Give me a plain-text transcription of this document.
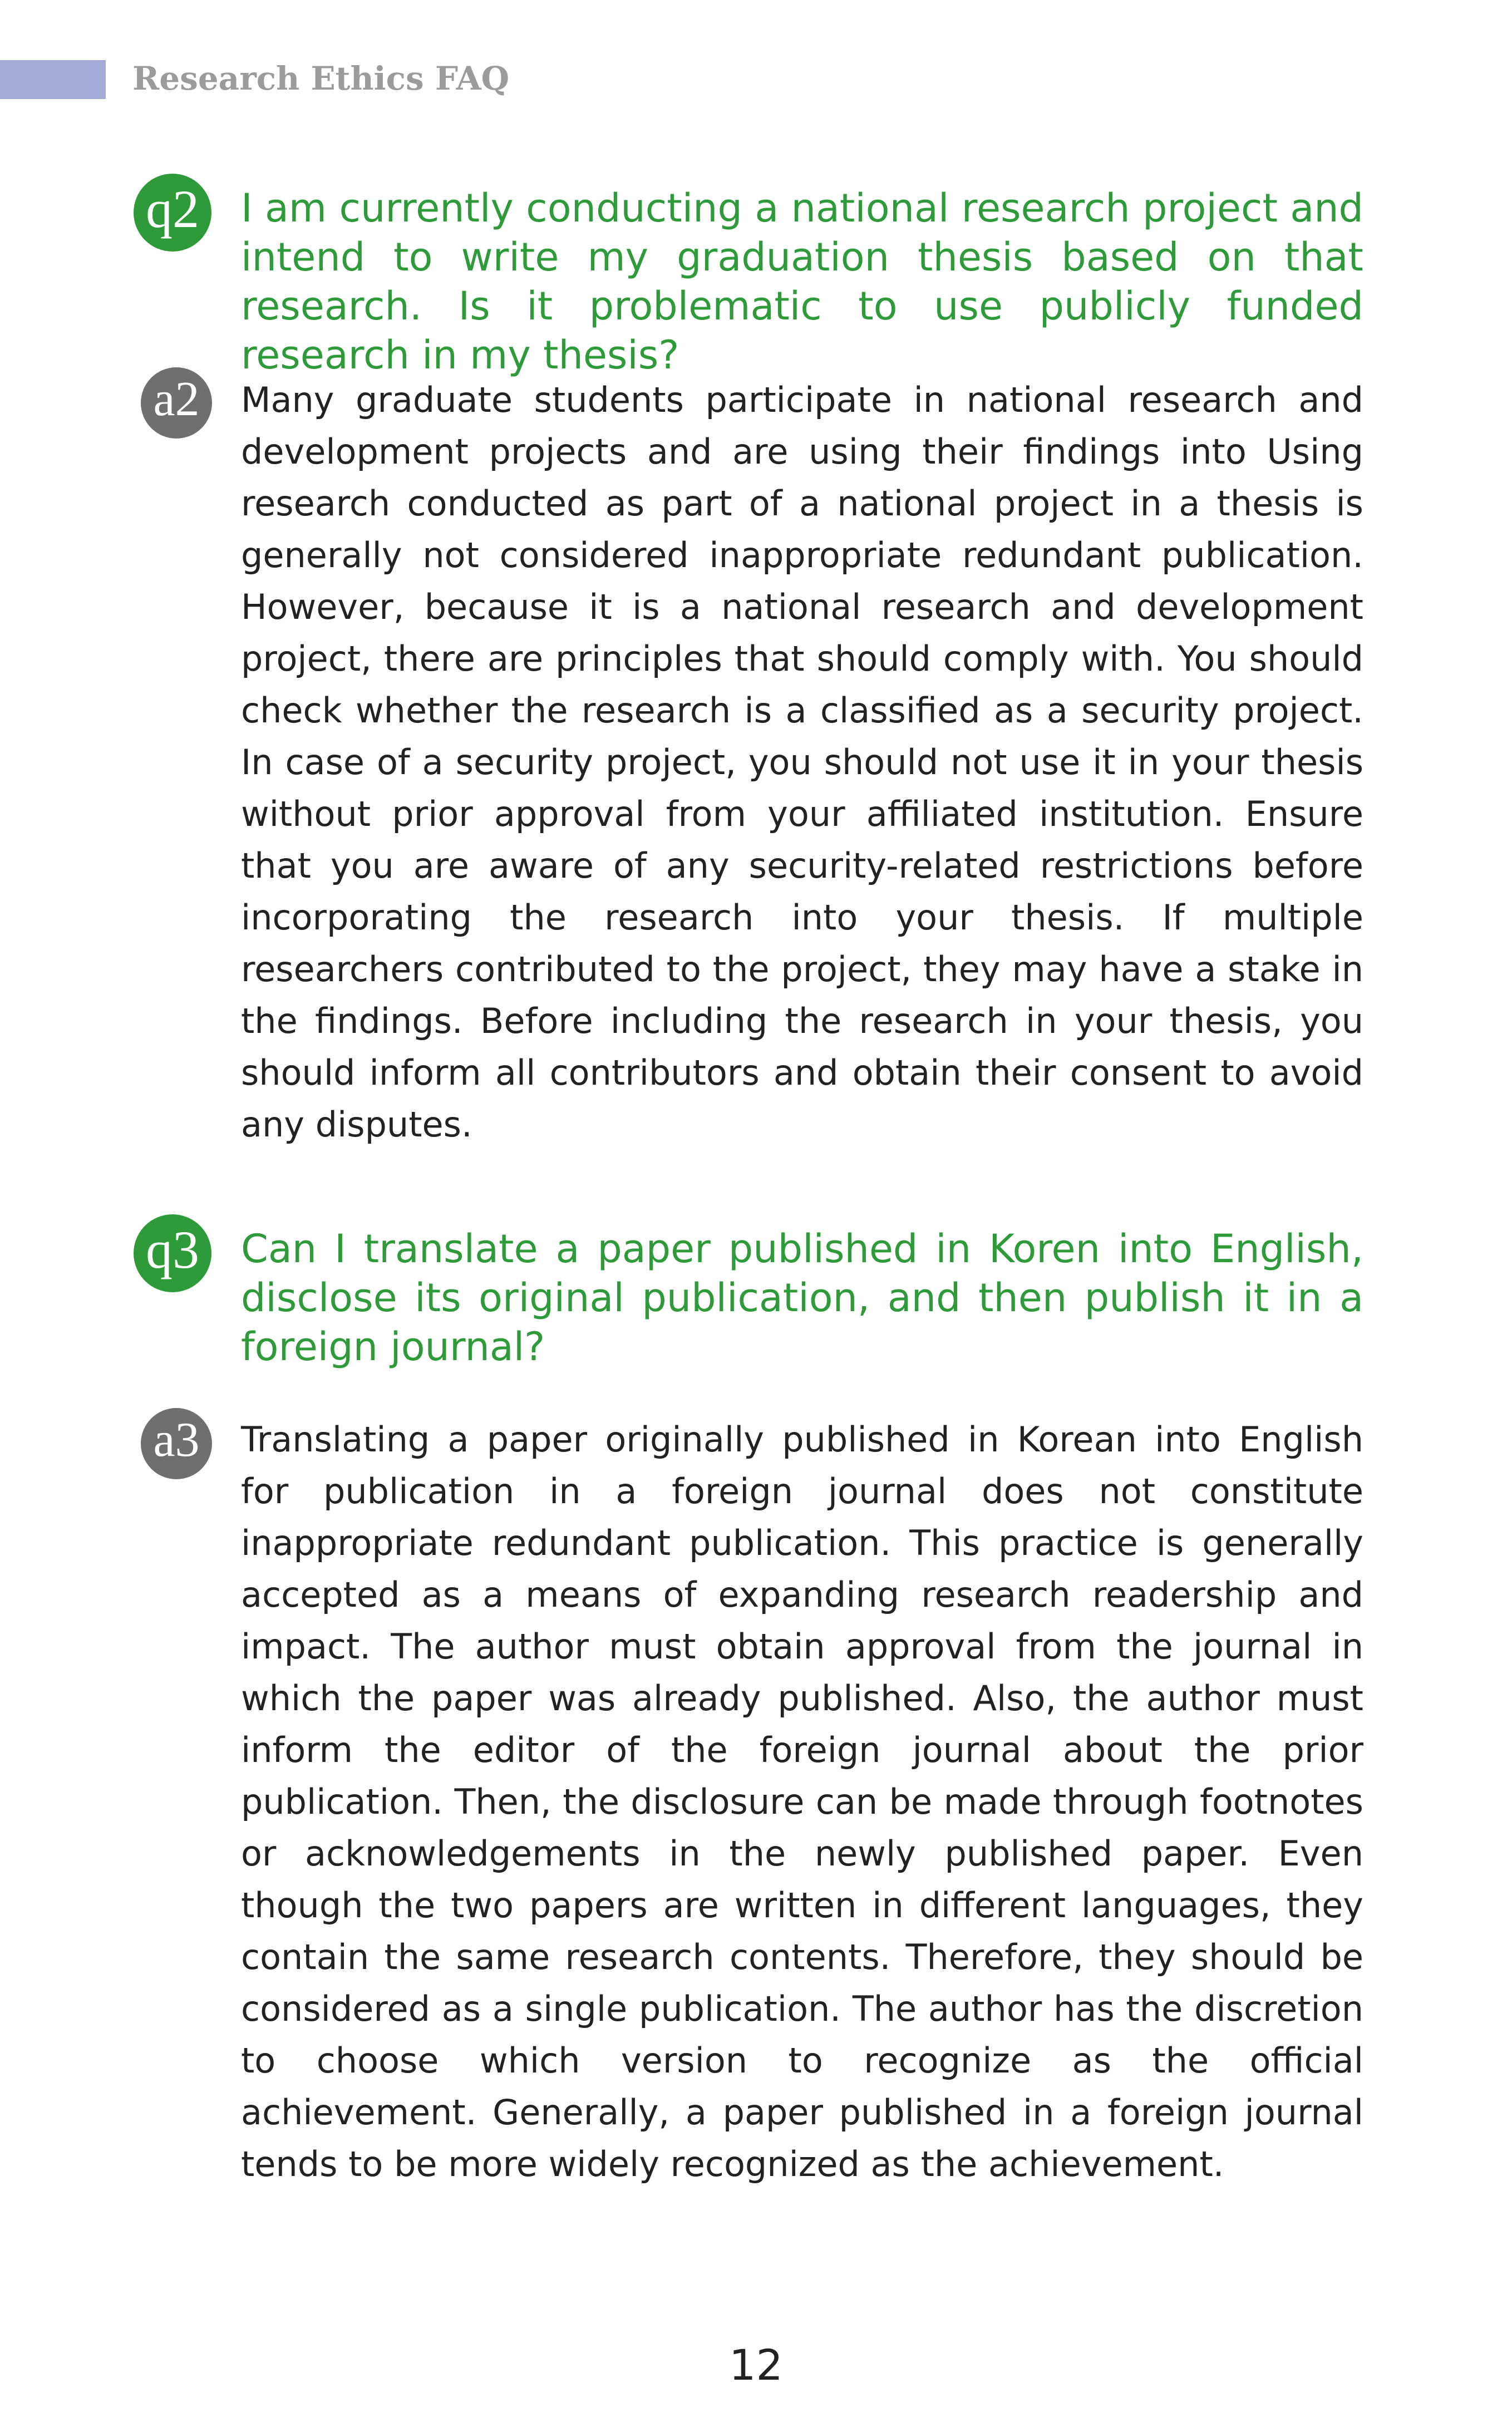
Research Ethics FAQ
q2	I am currently conducting a national research project and intend to write my graduation thesis based on that research. Is it problematic to use publicly funded research in my thesis?
a2	Many graduate students participate in national research and development projects and are using their findings into Using research conducted as part of a national project in a thesis is generally not considered inappropriate redundant publication. However, because it is a national research and development project, there are principles that should comply with. You should check whether the research is a classified as a security project. In case of a security project, you should not use it in your thesis without prior approval from your affiliated institution. Ensure that you are aware of any security-related restrictions before incorporating the research into your thesis. If multiple researchers contributed to the project, they may have a stake in the findings. Before including the research in your thesis, you should inform all contributors and obtain their consent to avoid any disputes.
q3	Can I translate a paper published in Koren into English, disclose its original publication, and then publish it in a foreign journal?
a3	Translating a paper originally published in Korean into English for publication in a foreign journal does not constitute inappropriate redundant publication. This practice is generally accepted as a means of expanding research readership and impact. The author must obtain approval from the journal in which the paper was already published. Also, the author must inform the editor of the foreign journal about the prior publication. Then, the disclosure can be made through footnotes or acknowledgements in the newly published paper. Even though the two papers are written in different languages, they contain the same research contents. Therefore, they should be considered as a single publication. The author has the discretion to choose which version to recognize as the official achievement. Generally, a paper published in a foreign journal tends to be more widely recognized as the achievement.
12
